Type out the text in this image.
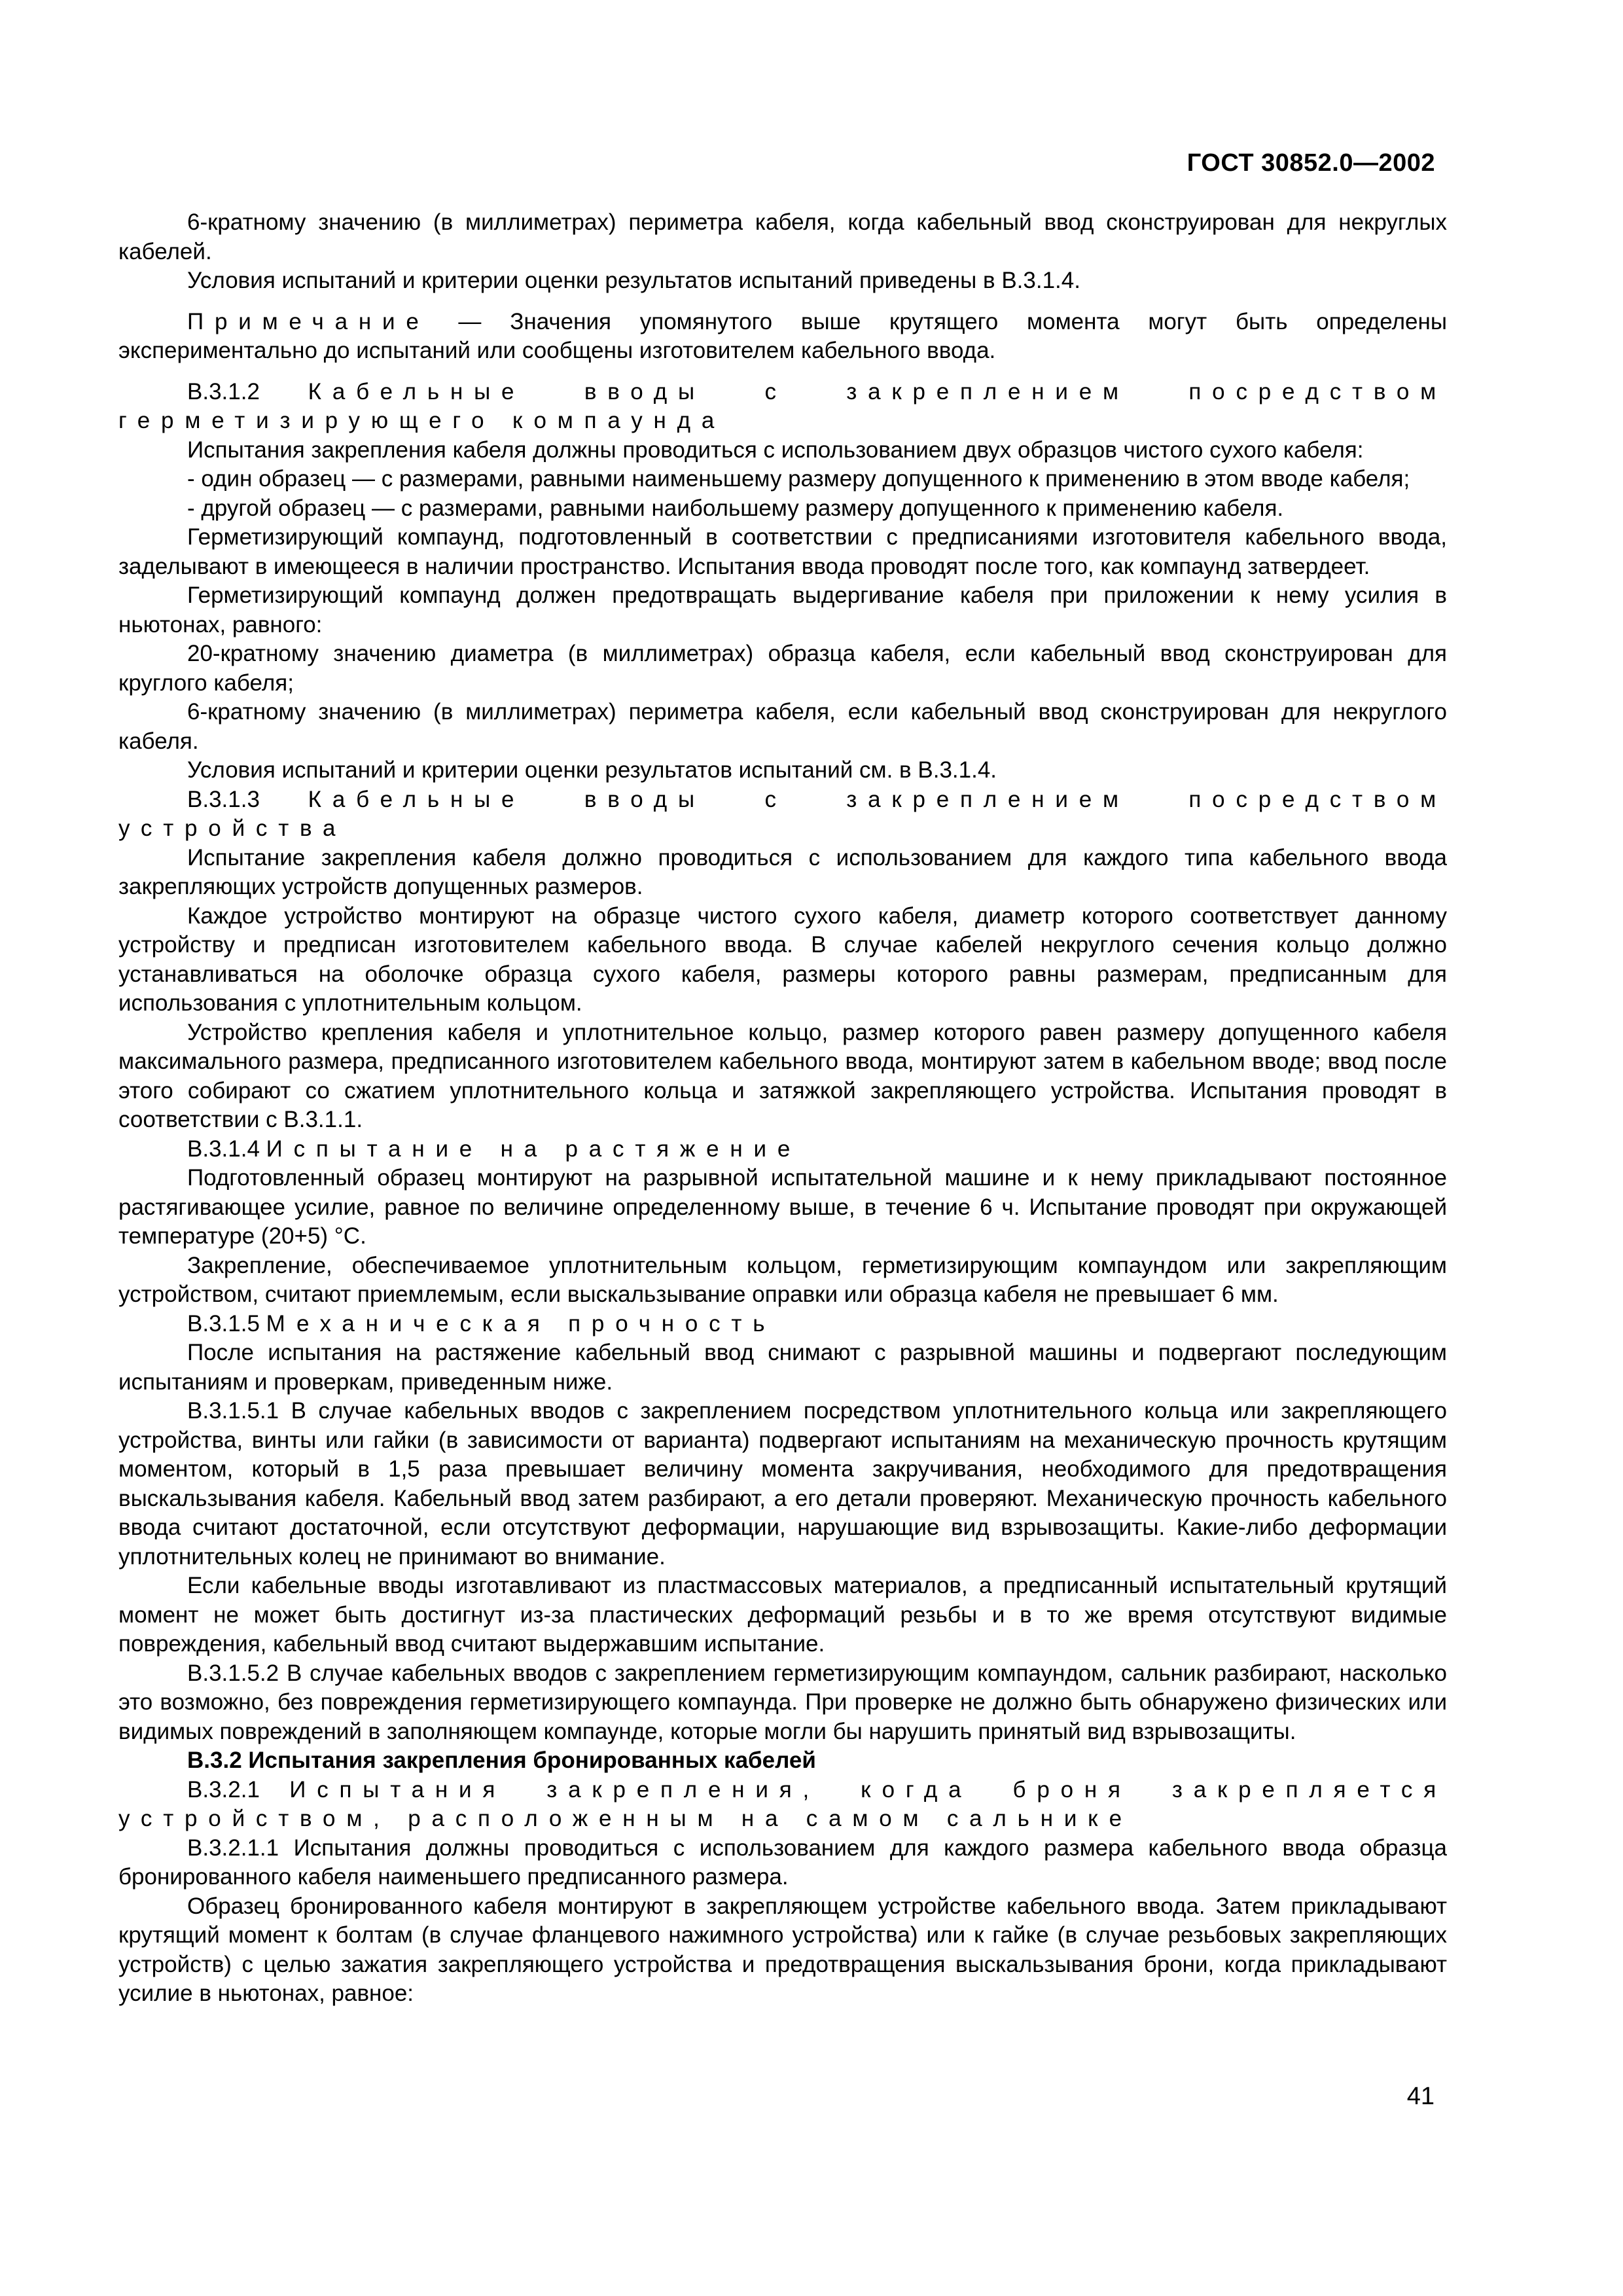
ГОСТ 30852.0—2002

6-кратному значению (в миллиметрах) периметра кабеля, когда кабельный ввод сконструирован для некруглых кабелей.

Условия испытаний и критерии оценки результатов испытаний приведены в В.3.1.4.

Примечание — Значения упомянутого выше крутящего момента могут быть определены экспериментально до испытаний или сообщены изготовителем кабельного ввода.

В.3.1.2 Кабельные вводы с закреплением посредством герметизирующего компаунда

Испытания закрепления кабеля должны проводиться с использованием двух образцов чистого сухого кабеля:

- один образец — с размерами, равными наименьшему размеру допущенного к применению в этом вводе кабеля;

- другой образец — с размерами, равными наибольшему размеру допущенного к применению кабеля.

Герметизирующий компаунд, подготовленный в соответствии с предписаниями изготовителя кабельного ввода, заделывают в имеющееся в наличии пространство. Испытания ввода проводят после того, как компаунд затвердеет.

Герметизирующий компаунд должен предотвращать выдергивание кабеля при приложении к нему усилия в ньютонах, равного:

20-кратному значению диаметра (в миллиметрах) образца кабеля, если кабельный ввод сконструирован для круглого кабеля;

6-кратному значению (в миллиметрах) периметра кабеля, если кабельный ввод сконструирован для некруглого кабеля.

Условия испытаний и критерии оценки результатов испытаний см. в В.3.1.4.

В.3.1.3 Кабельные вводы с закреплением посредством устройства

Испытание закрепления кабеля должно проводиться с использованием для каждого типа кабельного ввода закрепляющих устройств допущенных размеров.

Каждое устройство монтируют на образце чистого сухого кабеля, диаметр которого соответствует данному устройству и предписан изготовителем кабельного ввода. В случае кабелей некруглого сечения кольцо должно устанавливаться на оболочке образца сухого кабеля, размеры которого равны размерам, предписанным для использования с уплотнительным кольцом.

Устройство крепления кабеля и уплотнительное кольцо, размер которого равен размеру допущенного кабеля максимального размера, предписанного изготовителем кабельного ввода, монтируют затем в кабельном вводе; ввод после этого собирают со сжатием уплотнительного кольца и затяжкой закрепляющего устройства. Испытания проводят в соответствии с В.3.1.1.

В.3.1.4 Испытание на растяжение

Подготовленный образец монтируют на разрывной испытательной машине и к нему прикладывают постоянное растягивающее усилие, равное по величине определенному выше, в течение 6 ч. Испытание проводят при окружающей температуре (20+5) °С.

Закрепление, обеспечиваемое уплотнительным кольцом, герметизирующим компаундом или закрепляющим устройством, считают приемлемым, если выскальзывание оправки или образца кабеля не превышает 6 мм.

В.3.1.5 Механическая прочность

После испытания на растяжение кабельный ввод снимают с разрывной машины и подвергают последующим испытаниям и проверкам, приведенным ниже.

В.3.1.5.1 В случае кабельных вводов с закреплением посредством уплотнительного кольца или закрепляющего устройства, винты или гайки (в зависимости от варианта) подвергают испытаниям на механическую прочность крутящим моментом, который в 1,5 раза превышает величину момента закручивания, необходимого для предотвращения выскальзывания кабеля. Кабельный ввод затем разбирают, а его детали проверяют. Механическую прочность кабельного ввода считают достаточной, если отсутствуют деформации, нарушающие вид взрывозащиты. Какие-либо деформации уплотнительных колец не принимают во внимание.

Если кабельные вводы изготавливают из пластмассовых материалов, а предписанный испытательный крутящий момент не может быть достигнут из-за пластических деформаций резьбы и в то же время отсутствуют видимые повреждения, кабельный ввод считают выдержавшим испытание.

В.3.1.5.2 В случае кабельных вводов с закреплением герметизирующим компаундом, сальник разбирают, насколько это возможно, без повреждения герметизирующего компаунда. При проверке не должно быть обнаружено физических или видимых повреждений в заполняющем компаунде, которые могли бы нарушить принятый вид взрывозащиты.

В.3.2 Испытания закрепления бронированных кабелей

В.3.2.1 Испытания закрепления, когда броня закрепляется устройством, расположенным на самом сальнике

В.3.2.1.1 Испытания должны проводиться с использованием для каждого размера кабельного ввода образца бронированного кабеля наименьшего предписанного размера.

Образец бронированного кабеля монтируют в закрепляющем устройстве кабельного ввода. Затем прикладывают крутящий момент к болтам (в случае фланцевого нажимного устройства) или к гайке (в случае резьбовых закрепляющих устройств) с целью зажатия закрепляющего устройства и предотвращения выскальзывания брони, когда прикладывают усилие в ньютонах, равное:

41
